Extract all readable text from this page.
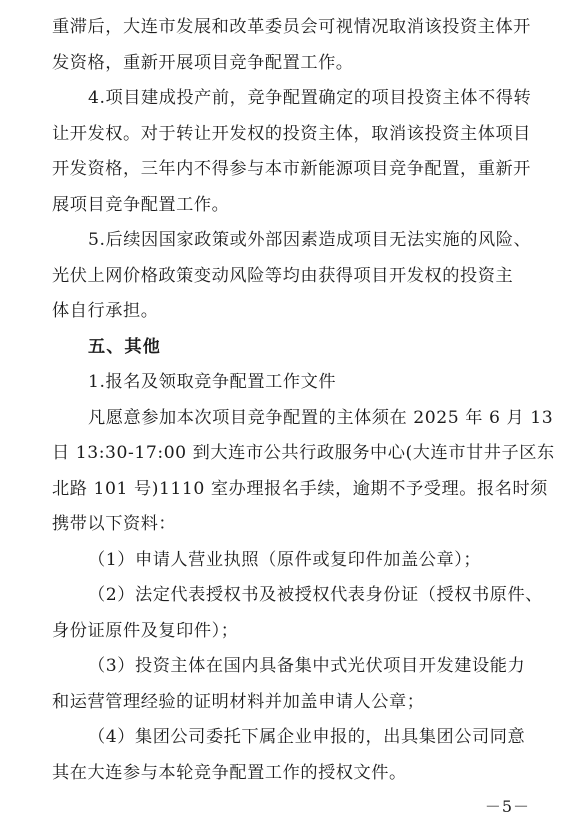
重滞后，大连市发展和改革委员会可视情况取消该投资主体开
发资格，重新开展项目竞争配置工作。
4.项目建成投产前，竞争配置确定的项目投资主体不得转
让开发权。对于转让开发权的投资主体，取消该投资主体项目
开发资格，三年内不得参与本市新能源项目竞争配置，重新开
展项目竞争配置工作。
5.后续因国家政策或外部因素造成项目无法实施的风险、
光伏上网价格政策变动风险等均由获得项目开发权的投资主
体自行承担。
五、其他
1.报名及领取竞争配置工作文件
凡愿意参加本次项目竞争配置的主体须在 2025 年 6 月 13
日 13:30-17:00 到大连市公共行政服务中心(大连市甘井子区东
北路 101 号)1110 室办理报名手续，逾期不予受理。报名时须
携带以下资料：
（1）申请人营业执照（原件或复印件加盖公章）；
（2）法定代表授权书及被授权代表身份证（授权书原件、
身份证原件及复印件）；
（3）投资主体在国内具备集中式光伏项目开发建设能力
和运营管理经验的证明材料并加盖申请人公章；
（4）集团公司委托下属企业申报的，出具集团公司同意
其在大连参与本轮竞争配置工作的授权文件。
－5－
